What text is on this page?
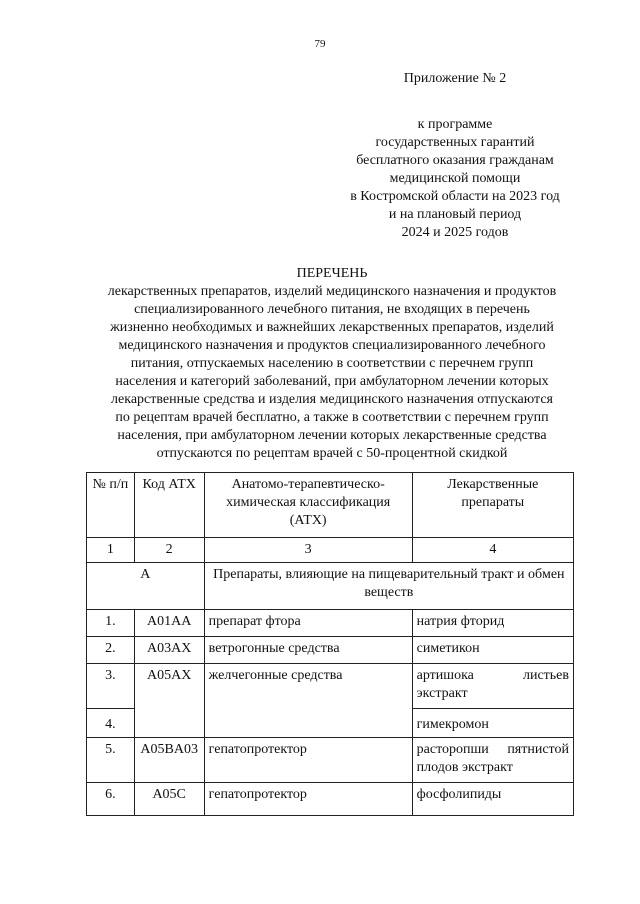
79
Приложение № 2
к программе
государственных гарантий
бесплатного оказания гражданам
медицинской помощи
в Костромской области на 2023 год
и на плановый период
2024 и 2025 годов
ПЕРЕЧЕНЬ
лекарственных препаратов, изделий медицинского назначения и продуктов
специализированного лечебного питания, не входящих в перечень
жизненно необходимых и важнейших лекарственных препаратов, изделий
медицинского назначения и продуктов специализированного лечебного
питания, отпускаемых населению в соответствии с перечнем групп
населения и категорий заболеваний, при амбулаторном лечении которых
лекарственные средства и изделия медицинского назначения отпускаются
по рецептам врачей бесплатно, а также в соответствии с перечнем групп
населения, при амбулаторном лечении которых лекарственные средства
отпускаются по рецептам врачей с 50-процентной скидкой
№ п/п	Код АТХ	Анатомо-терапевтическо-химическая классификация (АТХ)	Лекарственные препараты
1	2	3	4
А		Препараты, влияющие на пищеварительный тракт и обмен веществ	
1.	A01AA	препарат фтора	натрия фторид
2.	A03AX	ветрогонные средства	симетикон
3.	A05AX	желчегонные средства	артишока листьев экстракт
4.			гимекромон
5.	A05BA03	гепатопротектор	расторопши пятнистой плодов экстракт
6.	A05C	гепатопротектор	фосфолипиды
